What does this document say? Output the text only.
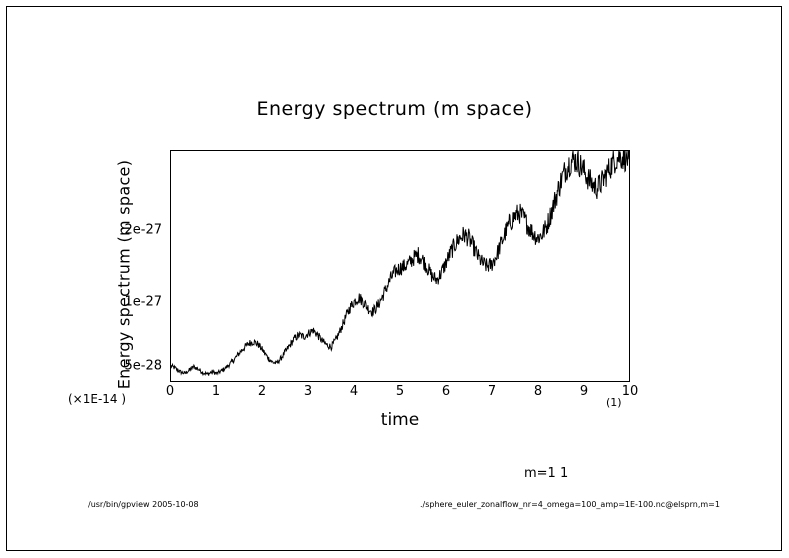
Energy spectrum (m space)
Energy spectrum (m space)
5e-28
1e-27
2e-27
0	1	2	3	4	5	6	7	8	9	10
(×1E-14 )	(1)
time
m=1 1
/usr/bin/gpview 2005-10-08	./sphere_euler_zonalflow_nr=4_omega=100_amp=1E-100.nc@elsprn,m=1
